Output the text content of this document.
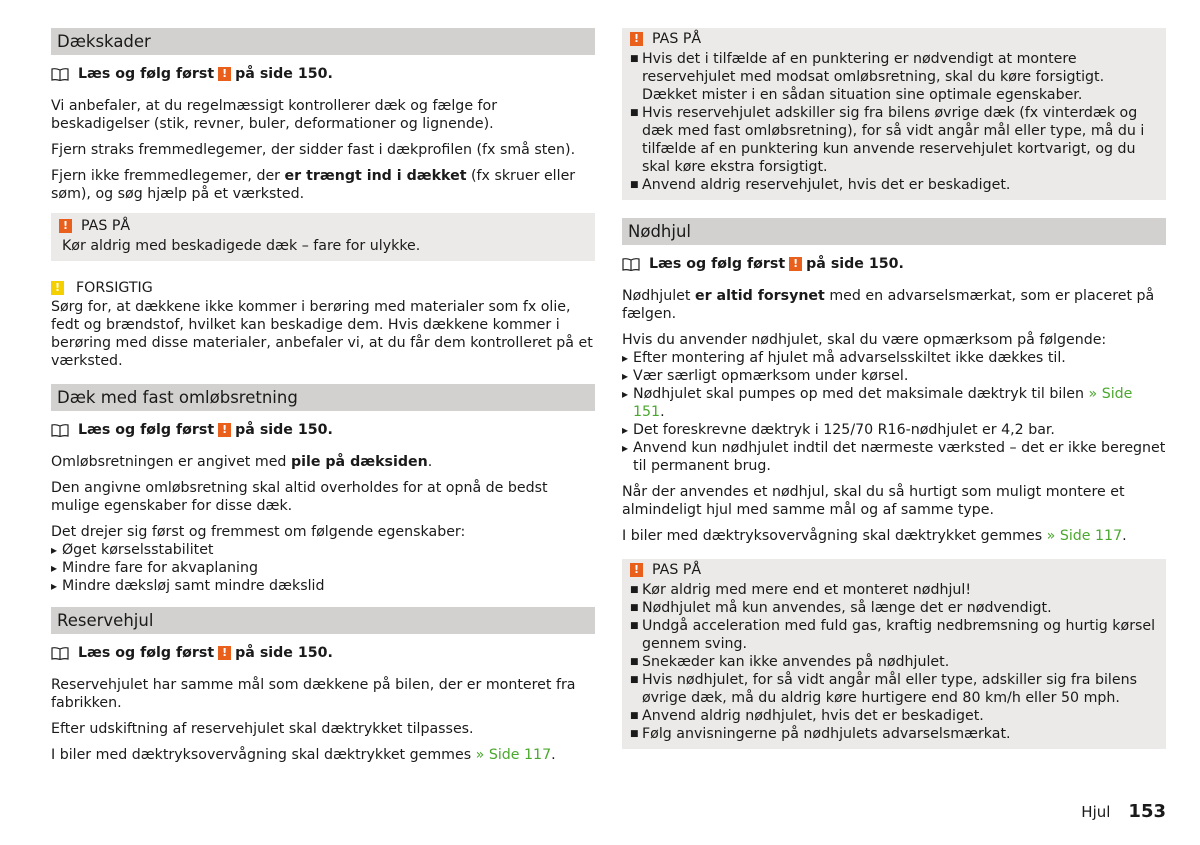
Dækskader
Læs og følg først ! på side 150.

Vi anbefaler, at du regelmæssigt kontrollerer dæk og fælge for beskadigelser (stik, revner, buler, deformationer og lignende).

Fjern straks fremmedlegemer, der sidder fast i dækprofilen (fx små sten).

Fjern ikke fremmedlegemer, der er trængt ind i dækket (fx skruer eller søm), og søg hjælp på et værksted.

! PAS PÅ
Kør aldrig med beskadigede dæk – fare for ulykke.
! FORSIGTIG
Sørg for, at dækkene ikke kommer i berøring med materialer som fx olie, fedt og brændstof, hvilket kan beskadige dem. Hvis dækkene kommer i berøring med disse materialer, anbefaler vi, at du får dem kontrolleret på et værksted.
Dæk med fast omløbsretning
Læs og følg først ! på side 150.

Omløbsretningen er angivet med pile på dæksiden.

Den angivne omløbsretning skal altid overholdes for at opnå de bedst mulige egenskaber for disse dæk.

Det drejer sig først og fremmest om følgende egenskaber:

▸ Øget kørselsstabilitet
▸ Mindre fare for akvaplaning
▸ Mindre dæksløj samt mindre dækslid
Reservehjul
Læs og følg først ! på side 150.

Reservehjulet har samme mål som dækkene på bilen, der er monteret fra fabrikken.

Efter udskiftning af reservehjulet skal dæktrykket tilpasses.

I biler med dæktryksovervågning skal dæktrykket gemmes » Side 117.

! PAS PÅ
■ Hvis det i tilfælde af en punktering er nødvendigt at montere reservehjulet med modsat omløbsretning, skal du køre forsigtigt. Dækket mister i en sådan situation sine optimale egenskaber.
■ Hvis reservehjulet adskiller sig fra bilens øvrige dæk (fx vinterdæk og dæk med fast omløbsretning), for så vidt angår mål eller type, må du i tilfælde af en punktering kun anvende reservehjulet kortvarigt, og du skal køre ekstra forsigtigt.
■ Anvend aldrig reservehjulet, hvis det er beskadiget.
Nødhjul
Læs og følg først ! på side 150.

Nødhjulet er altid forsynet med en advarselsmærkat, som er placeret på fælgen.

Hvis du anvender nødhjulet, skal du være opmærksom på følgende:

▸ Efter montering af hjulet må advarselsskiltet ikke dækkes til.
▸ Vær særligt opmærksom under kørsel.
▸ Nødhjulet skal pumpes op med det maksimale dæktryk til bilen » Side 151.
▸ Det foreskrevne dæktryk i 125/70 R16-nødhjulet er 4,2 bar.
▸ Anvend kun nødhjulet indtil det nærmeste værksted – det er ikke beregnet til permanent brug.

Når der anvendes et nødhjul, skal du så hurtigt som muligt montere et almindeligt hjul med samme mål og af samme type.

I biler med dæktryksovervågning skal dæktrykket gemmes » Side 117.

! PAS PÅ
■ Kør aldrig med mere end et monteret nødhjul!
■ Nødhjulet må kun anvendes, så længe det er nødvendigt.
■ Undgå acceleration med fuld gas, kraftig nedbremsning og hurtig kørsel gennem sving.
■ Snekæder kan ikke anvendes på nødhjulet.
■ Hvis nødhjulet, for så vidt angår mål eller type, adskiller sig fra bilens øvrige dæk, må du aldrig køre hurtigere end 80 km/h eller 50 mph.
■ Anvend aldrig nødhjulet, hvis det er beskadiget.
■ Følg anvisningerne på nødhjulets advarselsmærkat.
Hjul 153
